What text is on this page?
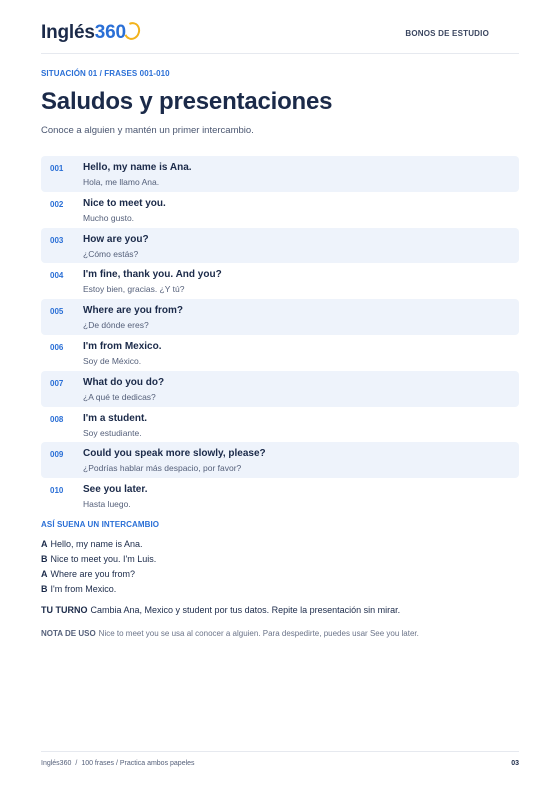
Inglés360	BONOS DE ESTUDIO
SITUACIÓN 01 / FRASES 001-010
Saludos y presentaciones
Conoce a alguien y mantén un primer intercambio.
001 Hello, my name is Ana.
Hola, me llamo Ana.
002 Nice to meet you.
Mucho gusto.
003 How are you?
¿Cómo estás?
004 I'm fine, thank you. And you?
Estoy bien, gracias. ¿Y tú?
005 Where are you from?
¿De dónde eres?
006 I'm from Mexico.
Soy de México.
007 What do you do?
¿A qué te dedicas?
008 I'm a student.
Soy estudiante.
009 Could you speak more slowly, please?
¿Podrías hablar más despacio, por favor?
010 See you later.
Hasta luego.
ASÍ SUENA UN INTERCAMBIO
A Hello, my name is Ana.
B Nice to meet you. I'm Luis.
A Where are you from?
B I'm from Mexico.
TU TURNO Cambia Ana, Mexico y student por tus datos. Repite la presentación sin mirar.
NOTA DE USO Nice to meet you se usa al conocer a alguien. Para despedirte, puedes usar See you later.
Inglés360 / 100 frases / Practica ambos papeles	03
